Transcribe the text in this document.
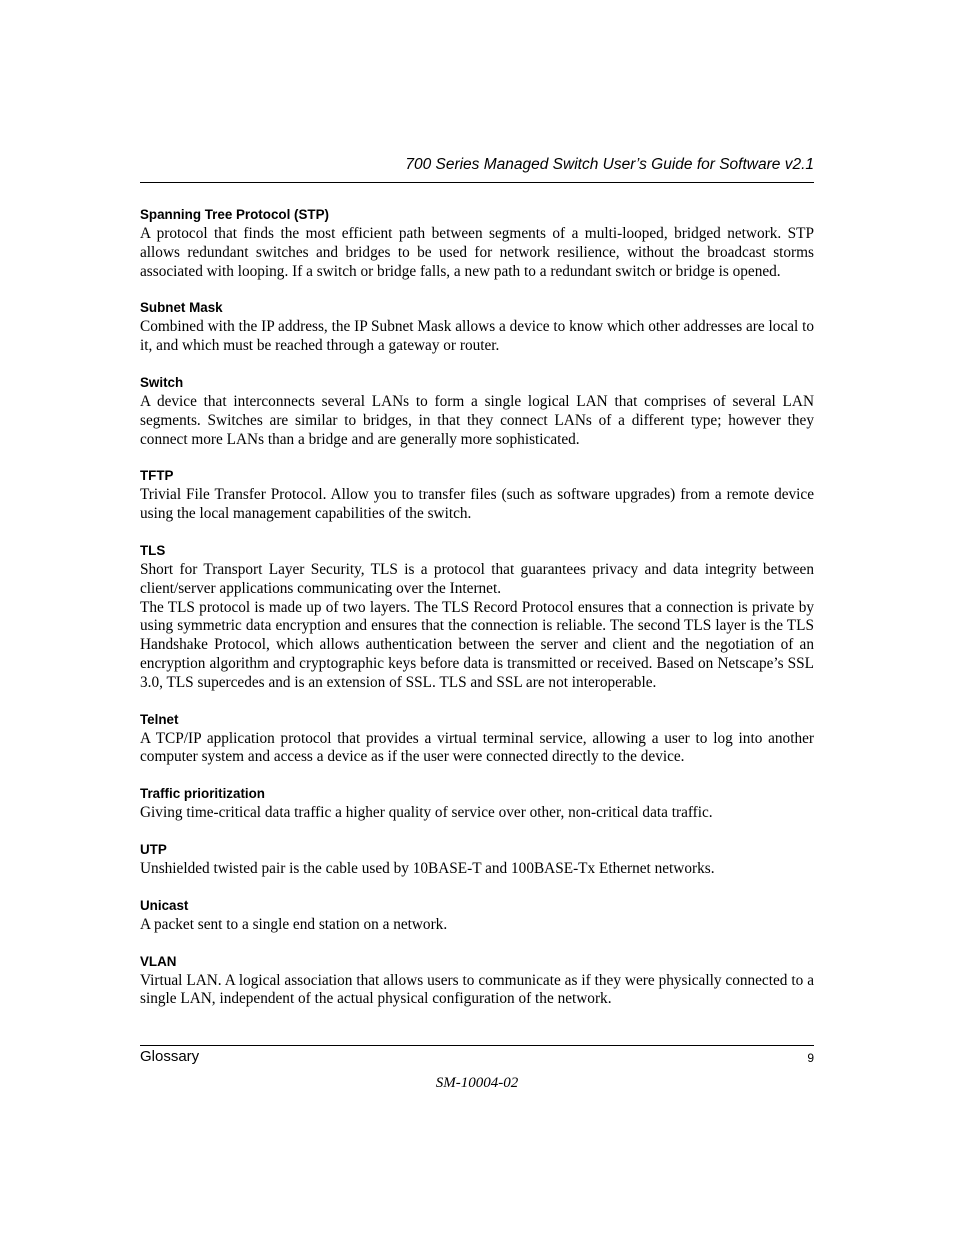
700 Series Managed Switch User’s Guide for Software v2.1
Spanning Tree Protocol (STP)

A protocol that finds the most efficient path between segments of a multi-looped, bridged network. STP allows redundant switches and bridges to be used for network resilience, without the broadcast storms associated with looping. If a switch or bridge falls, a new path to a redundant switch or bridge is opened.

Subnet Mask

Combined with the IP address, the IP Subnet Mask allows a device to know which other addresses are local to it, and which must be reached through a gateway or router.

Switch

A device that interconnects several LANs to form a single logical LAN that comprises of several LAN segments. Switches are similar to bridges, in that they connect LANs of a different type; however they connect more LANs than a bridge and are generally more sophisticated.

TFTP

Trivial File Transfer Protocol. Allow you to transfer files (such as software upgrades) from a remote device using the local management capabilities of the switch.

TLS

Short for Transport Layer Security, TLS is a protocol that guarantees privacy and data integrity between client/server applications communicating over the Internet.

The TLS protocol is made up of two layers. The TLS Record Protocol ensures that a connection is private by using symmetric data encryption and ensures that the connection is reliable. The second TLS layer is the TLS Handshake Protocol, which allows authentication between the server and client and the negotiation of an encryption algorithm and cryptographic keys before data is transmitted or received. Based on Netscape’s SSL 3.0, TLS supercedes and is an extension of SSL. TLS and SSL are not interoperable.

Telnet

A TCP/IP application protocol that provides a virtual terminal service, allowing a user to log into another computer system and access a device as if the user were connected directly to the device.

Traffic prioritization

Giving time-critical data traffic a higher quality of service over other, non-critical data traffic.

UTP

Unshielded twisted pair is the cable used by 10BASE-T and 100BASE-Tx Ethernet networks.

Unicast

A packet sent to a single end station on a network.

VLAN

Virtual LAN. A logical association that allows users to communicate as if they were physically connected to a single LAN, independent of the actual physical configuration of the network.

Glossary	9
SM-10004-02
